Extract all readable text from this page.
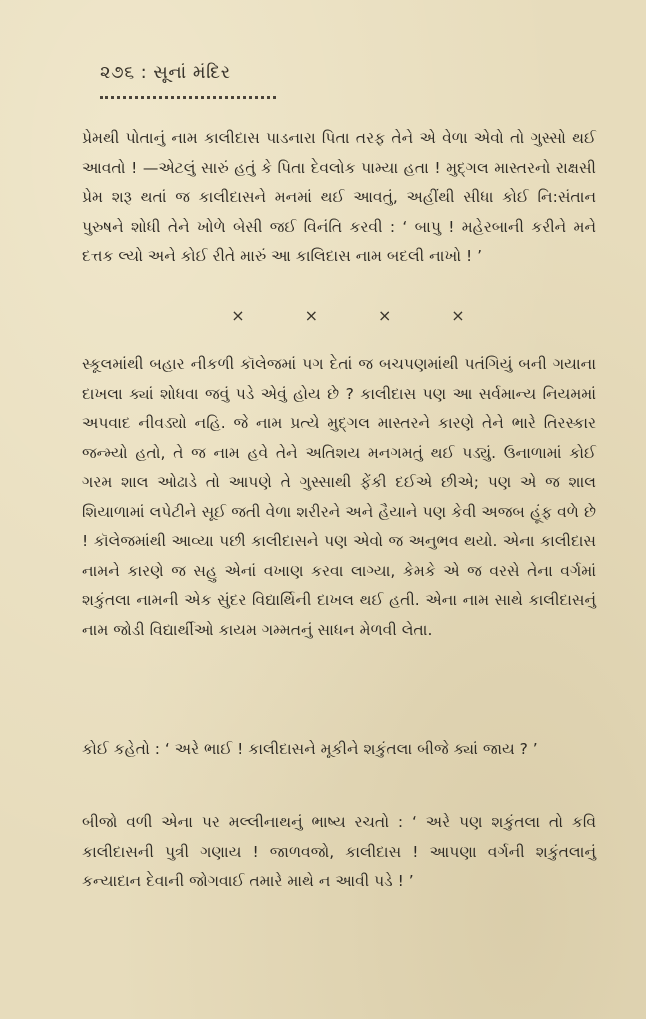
૨૭૬ : સૂનાં મંદિર

પ્રેમથી પોતાનું નામ કાલીદાસ પાડનારા પિતા તરફ તેને એ વેળા એવો તો ગુસ્સો થઈ આવતો ! —એટલું સારું હતું કે પિતા દેવલોક પામ્યા હતા ! મુદ્‌ગલ માસ્તરનો રાક્ષસી પ્રેમ શરૂ થતાં જ કાલીદાસને મનમાં થઈ આવતું, અહીંથી સીધા કોઈ નિ:સંતાન પુરુષને શોધી તેને ખોળે બેસી જઈ વિનંતિ કરવી : ‘ બાપુ ! મહેરબાની કરીને મને દત્તક લ્યો અને કોઈ રીતે મારું આ કાલિદાસ નામ બદલી નાખો ! ’

×	×	×	×

સ્કૂલમાંથી બહાર નીકળી કૉલેજમાં પગ દેતાં જ બચપણમાંથી પતંગિયું બની ગયાના દાખલા ક્યાં શોધવા જવું પડે એવું હોય છે ? કાલીદાસ પણ આ સર્વમાન્ય નિયમમાં અપવાદ નીવડ્યો નહિ. જે નામ પ્રત્યે મુદ્‌ગલ માસ્તરને કારણે તેને ભારે તિરસ્કાર જન્મ્યો હતો, તે જ નામ હવે તેને અતિશય મનગમતું થઈ પડ્યું. ઉનાળામાં કોઈ ગરમ શાલ ઓઢાડે તો આપણે તે ગુસ્સાથી ફેંકી દઈએ છીએ; પણ એ જ શાલ શિયાળામાં લપેટીને સૂઈ જતી વેળા શરીરને અને હૈયાને પણ કેવી અજબ હૂંફ વળે છે ! કૉલેજમાંથી આવ્યા પછી કાલીદાસને પણ એવો જ અનુભવ થયો. એના કાલીદાસ નામને કારણે જ સહુ એનાં વખાણ કરવા લાગ્યા, કેમકે એ જ વરસે તેના વર્ગમાં શકુંતલા નામની એક સુંદર વિદ્યાર્થિની દાખલ થઈ હતી. એના નામ સાથે કાલીદાસનું નામ જોડી વિદ્યાર્થીઓ કાયમ ગમ્મતનું સાધન મેળવી લેતા.

કોઈ કહેતો : ‘ અરે ભાઈ ! કાલીદાસને મૂકીને શકુંતલા બીજે ક્યાં જાય ? ’

બીજો વળી એના પર મલ્લીનાથનું ભાષ્ય રચતો : ‘ અરે પણ શકુંતલા તો કવિ કાલીદાસની પુત્રી ગણાય ! જાળવજો, કાલીદાસ ! આપણા વર્ગની શકુંતલાનું કન્યાદાન દેવાની જોગવાઈ તમારે માથે ન આવી પડે ! ’
